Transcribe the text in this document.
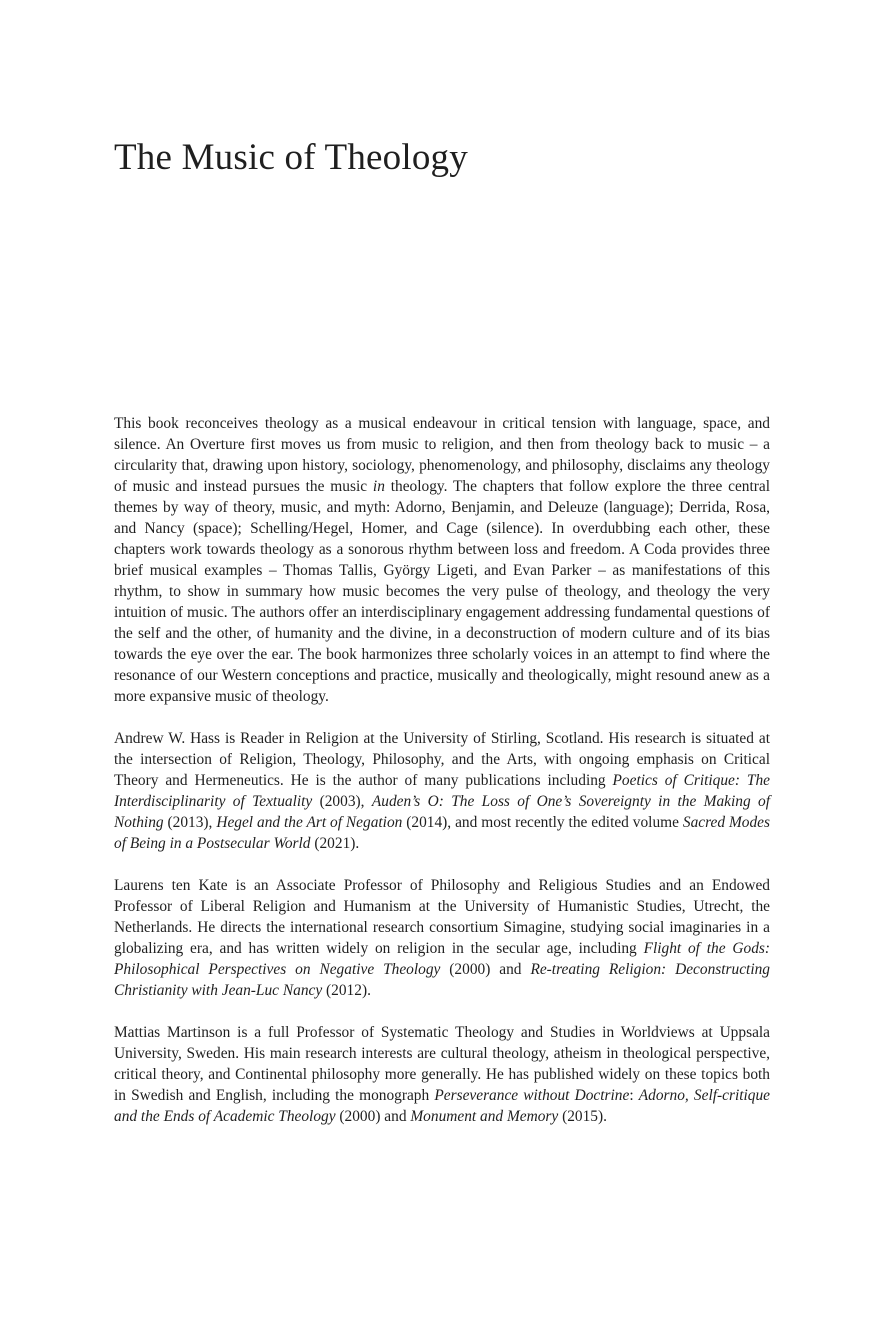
The Music of Theology

This book reconceives theology as a musical endeavour in critical tension with language, space, and silence. An Overture first moves us from music to religion, and then from theology back to music – a circularity that, drawing upon history, sociology, phenomenology, and philosophy, disclaims any theology of music and instead pursues the music in theology. The chapters that follow explore the three central themes by way of theory, music, and myth: Adorno, Benjamin, and Deleuze (language); Derrida, Rosa, and Nancy (space); Schelling/Hegel, Homer, and Cage (silence). In overdubbing each other, these chapters work towards theology as a sonorous rhythm between loss and freedom. A Coda provides three brief musical examples – Thomas Tallis, György Ligeti, and Evan Parker – as manifestations of this rhythm, to show in summary how music becomes the very pulse of theology, and theology the very intuition of music. The authors offer an interdisciplinary engagement addressing fundamental questions of the self and the other, of humanity and the divine, in a deconstruction of modern culture and of its bias towards the eye over the ear. The book harmonizes three scholarly voices in an attempt to find where the resonance of our Western conceptions and practice, musically and theologically, might resound anew as a more expansive music of theology.

Andrew W. Hass is Reader in Religion at the University of Stirling, Scotland. His research is situated at the intersection of Religion, Theology, Philosophy, and the Arts, with ongoing emphasis on Critical Theory and Hermeneutics. He is the author of many publications including Poetics of Critique: The Interdisciplinarity of Textuality (2003), Auden’s O: The Loss of One’s Sovereignty in the Making of Nothing (2013), Hegel and the Art of Negation (2014), and most recently the edited volume Sacred Modes of Being in a Postsecular World (2021).

Laurens ten Kate is an Associate Professor of Philosophy and Religious Studies and an Endowed Professor of Liberal Religion and Humanism at the University of Humanistic Studies, Utrecht, the Netherlands. He directs the international research consortium Simagine, studying social imaginaries in a globalizing era, and has written widely on religion in the secular age, including Flight of the Gods: Philosophical Perspectives on Negative Theology (2000) and Re-treating Religion: Deconstructing Christianity with Jean-Luc Nancy (2012).

Mattias Martinson is a full Professor of Systematic Theology and Studies in Worldviews at Uppsala University, Sweden. His main research interests are cultural theology, atheism in theological perspective, critical theory, and Continental philosophy more generally. He has published widely on these topics both in Swedish and English, including the monograph Perseverance without Doctrine: Adorno, Self-critique and the Ends of Academic Theology (2000) and Monument and Memory (2015).
